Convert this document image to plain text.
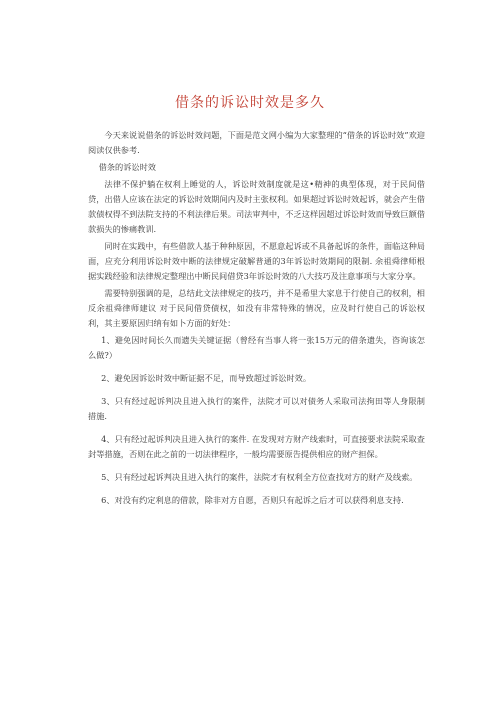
借条的诉讼时效是多久

今天来说说借条的诉讼时效问题，下面是范文网小编为大家整理的“借条的诉讼时效”欢迎阅读仅供参考.

借条的诉讼时效

法律不保护躺在权利上睡觉的人，诉讼时效制度就是这•精神的典型体现，对于民间借贷，出借人应该在法定的诉讼时效期间内及时主张权利。如果超过诉讼时效起诉，就会产生借款债权得不到法院支持的不利法律后果。司法审判中，不乏这样因超过诉讼时效而导致巨额借款损失的惨痛教训.

同时在实践中，有些借款人基于种种原因，不愿意起诉或不具备起诉的条件，面临这种局面，应充分利用诉讼时效中断的法律规定破解普通的3年诉讼时效期间的限制. 余祖舜律师根据实践经验和法律规定整理出中断民间借贷3年诉讼时效的八大技巧及注意事项与大家分享。

需要特别强调的是，总结此文法律规定的技巧，并不是希里大家息于行使自己的权利，相反余祖舜律师建议 对于民间借贷债权，如没有非常特殊的情况，应及时行使自己的诉讼权利，其主要原因归纳有如卜方面的好处：

1、避免因时间长久而遗失关键证据（曾经有当事人将一张15万元的借条遗失，咨询该怎么做?）

2、避免因诉讼时效中断证据不足，而导致超过诉讼时效。

3、只有经过起诉判决且进入执行的案件，法院才可以对债务人采取司法拘田等人身限制措施.

4、只有经过起诉判决且进入执行的案件. 在发现对方财产线索时，可直接要求法院采取查封等措施，否则在此之前的一切法律程序，一般均需要原告提供相应的财产担保。

5、只有经过起诉判决且进入执行的案件，法院才有权利全方位查找对方的财产及线索。

6、对没有约定利息的借款，除非对方自愿，否则只有起诉之后才可以获得利息支持.
